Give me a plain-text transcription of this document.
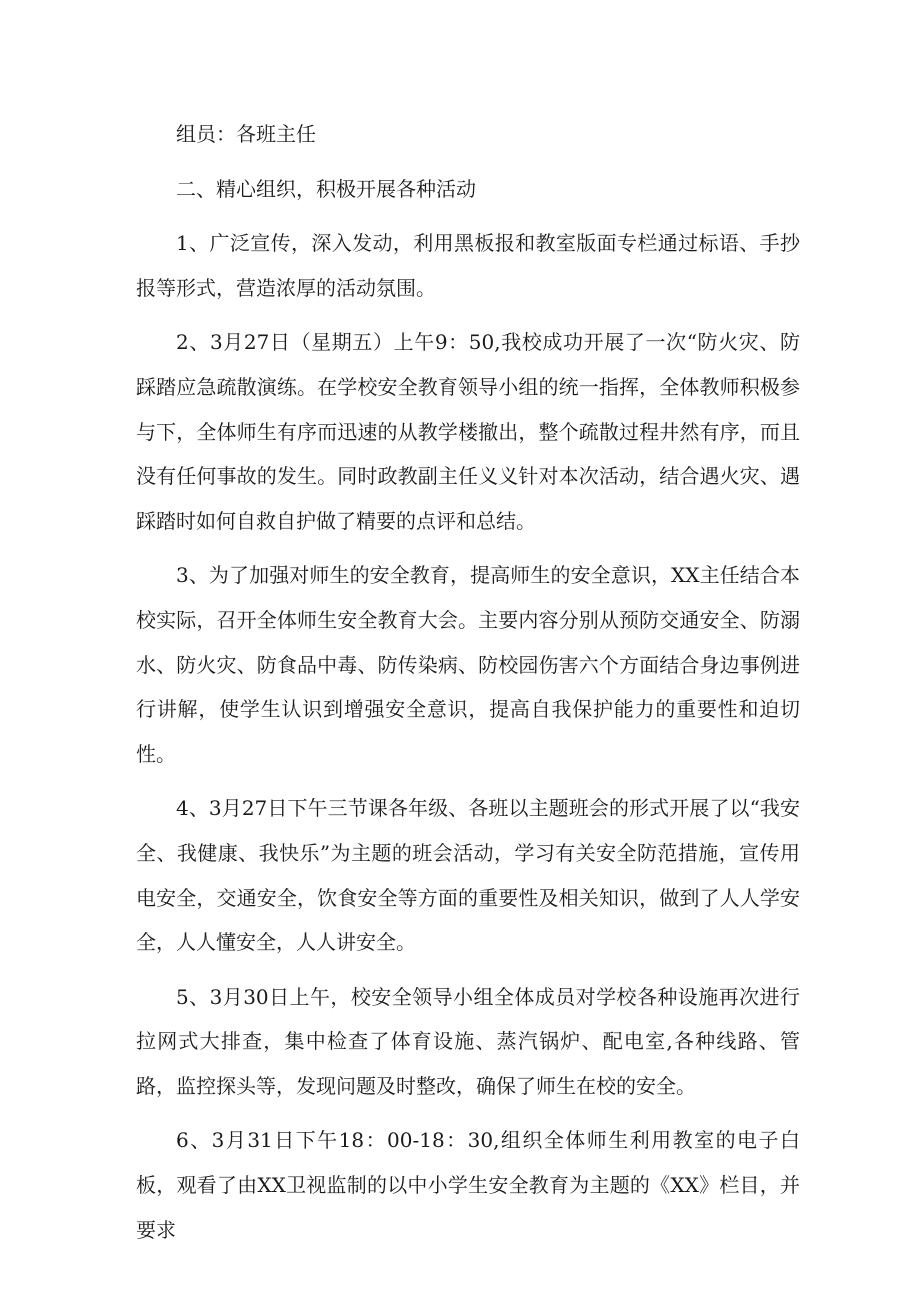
组员：各班主任

二、精心组织，积极开展各种活动

1、广泛宣传，深入发动，利用黑板报和教室版面专栏通过标语、手抄报等形式，营造浓厚的活动氛围。

2、3月27日（星期五）上午9：50,我校成功开展了一次“防火灾、防踩踏应急疏散演练。在学校安全教育领导小组的统一指挥，全体教师积极参与下，全体师生有序而迅速的从教学楼撤出，整个疏散过程井然有序，而且没有任何事故的发生。同时政教副主任义义针对本次活动，结合遇火灾、遇踩踏时如何自救自护做了精要的点评和总结。

3、为了加强对师生的安全教育，提高师生的安全意识，XX主任结合本校实际，召开全体师生安全教育大会。主要内容分别从预防交通安全、防溺水、防火灾、防食品中毒、防传染病、防校园伤害六个方面结合身边事例进行讲解，使学生认识到增强安全意识，提高自我保护能力的重要性和迫切性。

4、3月27日下午三节课各年级、各班以主题班会的形式开展了以“我安全、我健康、我快乐”为主题的班会活动，学习有关安全防范措施，宣传用电安全，交通安全，饮食安全等方面的重要性及相关知识，做到了人人学安全，人人懂安全，人人讲安全。

5、3月30日上午，校安全领导小组全体成员对学校各种设施再次进行拉网式大排查，集中检查了体育设施、蒸汽锅炉、配电室,各种线路、管路，监控探头等，发现问题及时整改，确保了师生在校的安全。

6、3月31日下午18：00-18：30,组织全体师生利用教室的电子白板，观看了由XX卫视监制的以中小学生安全教育为主题的《XX》栏目，并要求
